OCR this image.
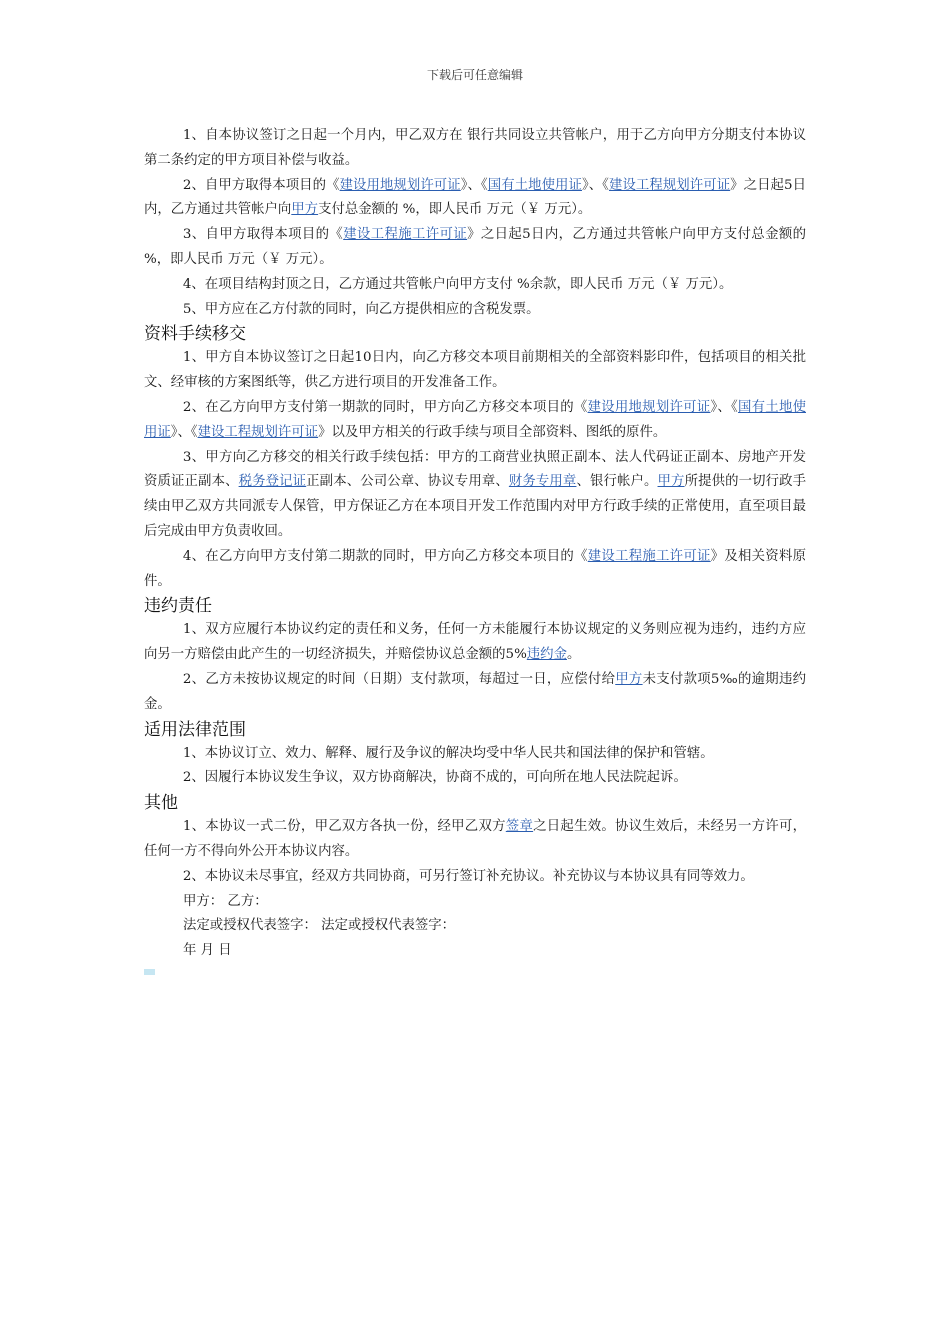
下载后可任意编辑

1、自本协议签订之日起一个月内，甲乙双方在 银行共同设立共管帐户，用于乙方向甲方分期支付本协议第二条约定的甲方项目补偿与收益。

2、自甲方取得本项目的《建设用地规划许可证》、《国有土地使用证》、《建设工程规划许可证》之日起5日内，乙方通过共管帐户向甲方支付总金额的 %，即人民币 万元（￥ 万元）。

3、自甲方取得本项目的《建设工程施工许可证》之日起5日内，乙方通过共管帐户向甲方支付总金额的 %，即人民币 万元（￥ 万元）。

4、在项目结构封顶之日，乙方通过共管帐户向甲方支付 %余款，即人民币 万元（￥ 万元）。

5、甲方应在乙方付款的同时，向乙方提供相应的含税发票。

资料手续移交

1、甲方自本协议签订之日起10日内，向乙方移交本项目前期相关的全部资料影印件，包括项目的相关批文、经审核的方案图纸等，供乙方进行项目的开发准备工作。

2、在乙方向甲方支付第一期款的同时，甲方向乙方移交本项目的《建设用地规划许可证》、《国有土地使用证》、《建设工程规划许可证》以及甲方相关的行政手续与项目全部资料、图纸的原件。

3、甲方向乙方移交的相关行政手续包括：甲方的工商营业执照正副本、法人代码证正副本、房地产开发资质证正副本、税务登记证正副本、公司公章、协议专用章、财务专用章、银行帐户。甲方所提供的一切行政手续由甲乙双方共同派专人保管，甲方保证乙方在本项目开发工作范围内对甲方行政手续的正常使用，直至项目最后完成由甲方负责收回。

4、在乙方向甲方支付第二期款的同时，甲方向乙方移交本项目的《建设工程施工许可证》及相关资料原件。

违约责任

1、双方应履行本协议约定的责任和义务，任何一方未能履行本协议规定的义务则应视为违约，违约方应向另一方赔偿由此产生的一切经济损失，并赔偿协议总金额的5%违约金。

2、乙方未按协议规定的时间（日期）支付款项，每超过一日，应偿付给甲方未支付款项5‰的逾期违约金。

适用法律范围

1、本协议订立、效力、解释、履行及争议的解决均受中华人民共和国法律的保护和管辖。

2、因履行本协议发生争议，双方协商解决，协商不成的，可向所在地人民法院起诉。

其他

1、本协议一式二份，甲乙双方各执一份，经甲乙双方签章之日起生效。协议生效后，未经另一方许可，任何一方不得向外公开本协议内容。

2、本协议未尽事宜，经双方共同协商，可另行签订补充协议。补充协议与本协议具有同等效力。

甲方： 乙方：

法定或授权代表签字： 法定或授权代表签字：

年 月 日
